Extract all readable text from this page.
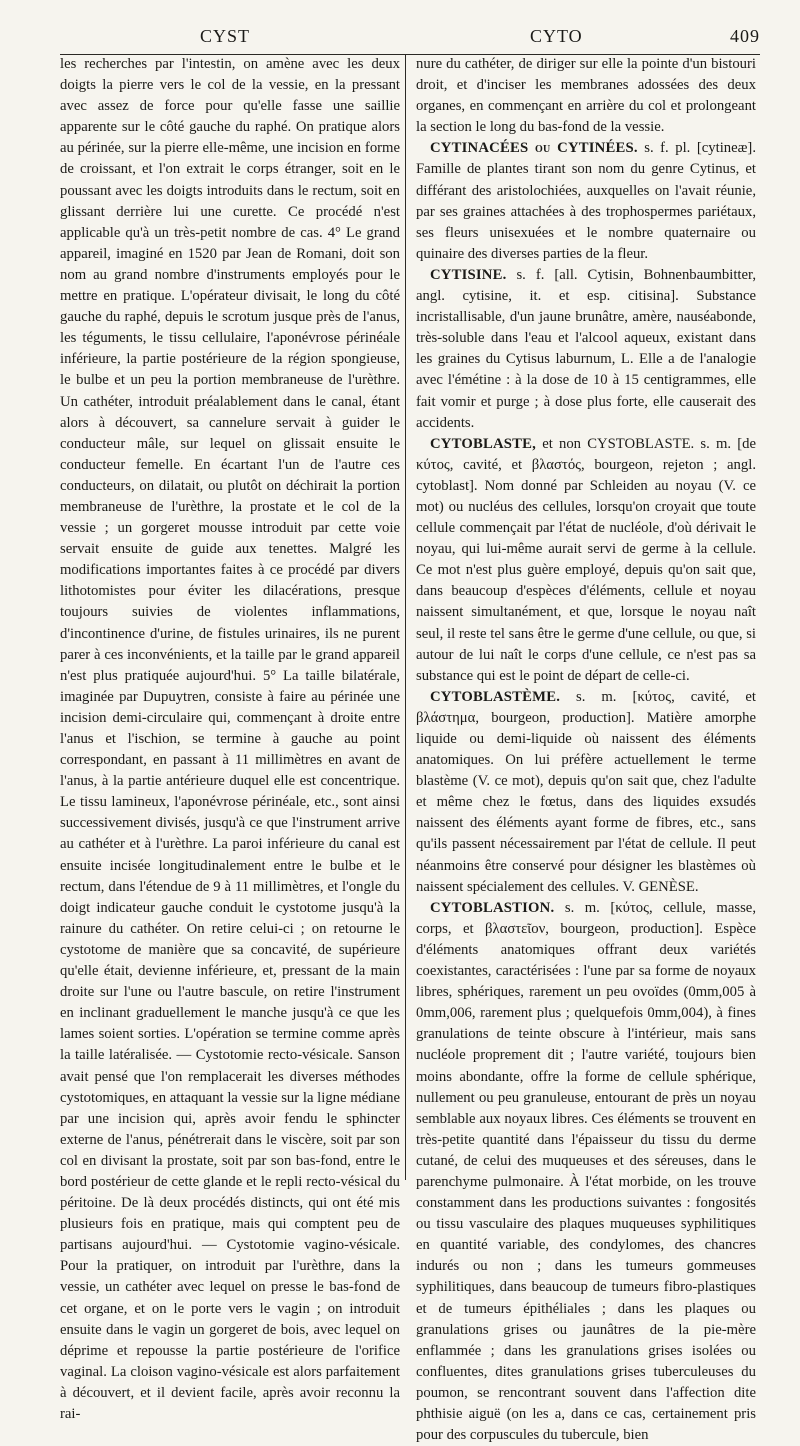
CYST	CYTO	409

les recherches par l'intestin, on amène avec les deux doigts la pierre vers le col de la vessie, en la pressant avec assez de force pour qu'elle fasse une saillie apparente sur le côté gauche du raphé. On pratique alors au périnée, sur la pierre elle-même, une incision en forme de croissant, et l'on extrait le corps étranger, soit en le poussant avec les doigts introduits dans le rectum, soit en glissant derrière lui une curette. Ce procédé n'est applicable qu'à un très-petit nombre de cas. 4° Le grand appareil, imaginé en 1520 par Jean de Romani, doit son nom au grand nombre d'instruments employés pour le mettre en pratique. L'opérateur divisait, le long du côté gauche du raphé, depuis le scrotum jusque près de l'anus, les téguments, le tissu cellulaire, l'aponévrose périnéale inférieure, la partie postérieure de la région spongieuse, le bulbe et un peu la portion membraneuse de l'urèthre. Un cathéter, introduit préalablement dans le canal, étant alors à découvert, sa cannelure servait à guider le conducteur mâle, sur lequel on glissait ensuite le conducteur femelle. En écartant l'un de l'autre ces conducteurs, on dilatait, ou plutôt on déchirait la portion membraneuse de l'urèthre, la prostate et le col de la vessie ; un gorgeret mousse introduit par cette voie servait ensuite de guide aux tenettes. Malgré les modifications importantes faites à ce procédé par divers lithotomistes pour éviter les dilacérations, presque toujours suivies de violentes inflammations, d'incontinence d'urine, de fistules urinaires, ils ne purent parer à ces inconvénients, et la taille par le grand appareil n'est plus pratiquée aujourd'hui. 5° La taille bilatérale, imaginée par Dupuytren, consiste à faire au périnée une incision demi-circulaire qui, commençant à droite entre l'anus et l'ischion, se termine à gauche au point correspondant, en passant à 11 millimètres en avant de l'anus, à la partie antérieure duquel elle est concentrique. Le tissu lamineux, l'aponévrose périnéale, etc., sont ainsi successivement divisés, jusqu'à ce que l'instrument arrive au cathéter et à l'urèthre. La paroi inférieure du canal est ensuite incisée longitudinalement entre le bulbe et le rectum, dans l'étendue de 9 à 11 millimètres, et l'ongle du doigt indicateur gauche conduit le cystotome jusqu'à la rainure du cathéter. On retire celui-ci ; on retourne le cystotome de manière que sa concavité, de supérieure qu'elle était, devienne inférieure, et, pressant de la main droite sur l'une ou l'autre bascule, on retire l'instrument en inclinant graduellement le manche jusqu'à ce que les lames soient sorties. L'opération se termine comme après la taille latéralisée. — Cystotomie recto-vésicale. Sanson avait pensé que l'on remplacerait les diverses méthodes cystotomiques, en attaquant la vessie sur la ligne médiane par une incision qui, après avoir fendu le sphincter externe de l'anus, pénétrerait dans le viscère, soit par son col en divisant la prostate, soit par son bas-fond, entre le bord postérieur de cette glande et le repli recto-vésical du péritoine. De là deux procédés distincts, qui ont été mis plusieurs fois en pratique, mais qui comptent peu de partisans aujourd'hui. — Cystotomie vagino-vésicale. Pour la pratiquer, on introduit par l'urèthre, dans la vessie, un cathéter avec lequel on presse le bas-fond de cet organe, et on le porte vers le vagin ; on introduit ensuite dans le vagin un gorgeret de bois, avec lequel on déprime et repousse la partie postérieure de l'orifice vaginal. La cloison vagino-vésicale est alors parfaitement à découvert, et il devient facile, après avoir reconnu la rai-

nure du cathéter, de diriger sur elle la pointe d'un bistouri droit, et d'inciser les membranes adossées des deux organes, en commençant en arrière du col et prolongeant la section le long du bas-fond de la vessie.

CYTINACÉES ou CYTINÉES. s. f. pl. [cytineæ]. Famille de plantes tirant son nom du genre Cytinus, et différant des aristolochiées, auxquelles on l'avait réunie, par ses graines attachées à des trophospermes pariétaux, ses fleurs unisexuées et le nombre quaternaire ou quinaire des diverses parties de la fleur.

CYTISINE. s. f. [all. Cytisin, Bohnenbaumbitter, angl. cytisine, it. et esp. citisina]. Substance incristallisable, d'un jaune brunâtre, amère, nauséabonde, très-soluble dans l'eau et l'alcool aqueux, existant dans les graines du Cytisus laburnum, L. Elle a de l'analogie avec l'émétine : à la dose de 10 à 15 centigrammes, elle fait vomir et purge ; à dose plus forte, elle causerait des accidents.

CYTOBLASTE, et non CYSTOBLASTE. s. m. [de κύτος, cavité, et βλαστός, bourgeon, rejeton ; angl. cytoblast]. Nom donné par Schleiden au noyau (V. ce mot) ou nucléus des cellules, lorsqu'on croyait que toute cellule commençait par l'état de nucléole, d'où dérivait le noyau, qui lui-même aurait servi de germe à la cellule. Ce mot n'est plus guère employé, depuis qu'on sait que, dans beaucoup d'espèces d'éléments, cellule et noyau naissent simultanément, et que, lorsque le noyau naît seul, il reste tel sans être le germe d'une cellule, ou que, si autour de lui naît le corps d'une cellule, ce n'est pas sa substance qui est le point de départ de celle-ci.

CYTOBLASTÈME. s. m. [κύτος, cavité, et βλάστημα, bourgeon, production]. Matière amorphe liquide ou demi-liquide où naissent des éléments anatomiques. On lui préfère actuellement le terme blastème (V. ce mot), depuis qu'on sait que, chez l'adulte et même chez le fœtus, dans des liquides exsudés naissent des éléments ayant forme de fibres, etc., sans qu'ils passent nécessairement par l'état de cellule. Il peut néanmoins être conservé pour désigner les blastèmes où naissent spécialement des cellules. V. GENÈSE.

CYTOBLASTION. s. m. [κύτος, cellule, masse, corps, et βλαστεῖον, bourgeon, production]. Espèce d'éléments anatomiques offrant deux variétés coexistantes, caractérisées : l'une par sa forme de noyaux libres, sphériques, rarement un peu ovoïdes (0mm,005 à 0mm,006, rarement plus ; quelquefois 0mm,004), à fines granulations de teinte obscure à l'intérieur, mais sans nucléole proprement dit ; l'autre variété, toujours bien moins abondante, offre la forme de cellule sphérique, nullement ou peu granuleuse, entourant de près un noyau semblable aux noyaux libres. Ces éléments se trouvent en très-petite quantité dans l'épaisseur du tissu du derme cutané, de celui des muqueuses et des séreuses, dans le parenchyme pulmonaire. À l'état morbide, on les trouve constamment dans les productions suivantes : fongosités ou tissu vasculaire des plaques muqueuses syphilitiques en quantité variable, des condylomes, des chancres indurés ou non ; dans les tumeurs gommeuses syphilitiques, dans beaucoup de tumeurs fibro-plastiques et de tumeurs épithéliales ; dans les plaques ou granulations grises ou jaunâtres de la pie-mère enflammée ; dans les granulations grises isolées ou confluentes, dites granulations grises tuberculeuses du poumon, se rencontrant souvent dans l'affection dite phthisie aiguë (on les a, dans ce cas, certainement pris pour des corpuscules du tubercule, bien
